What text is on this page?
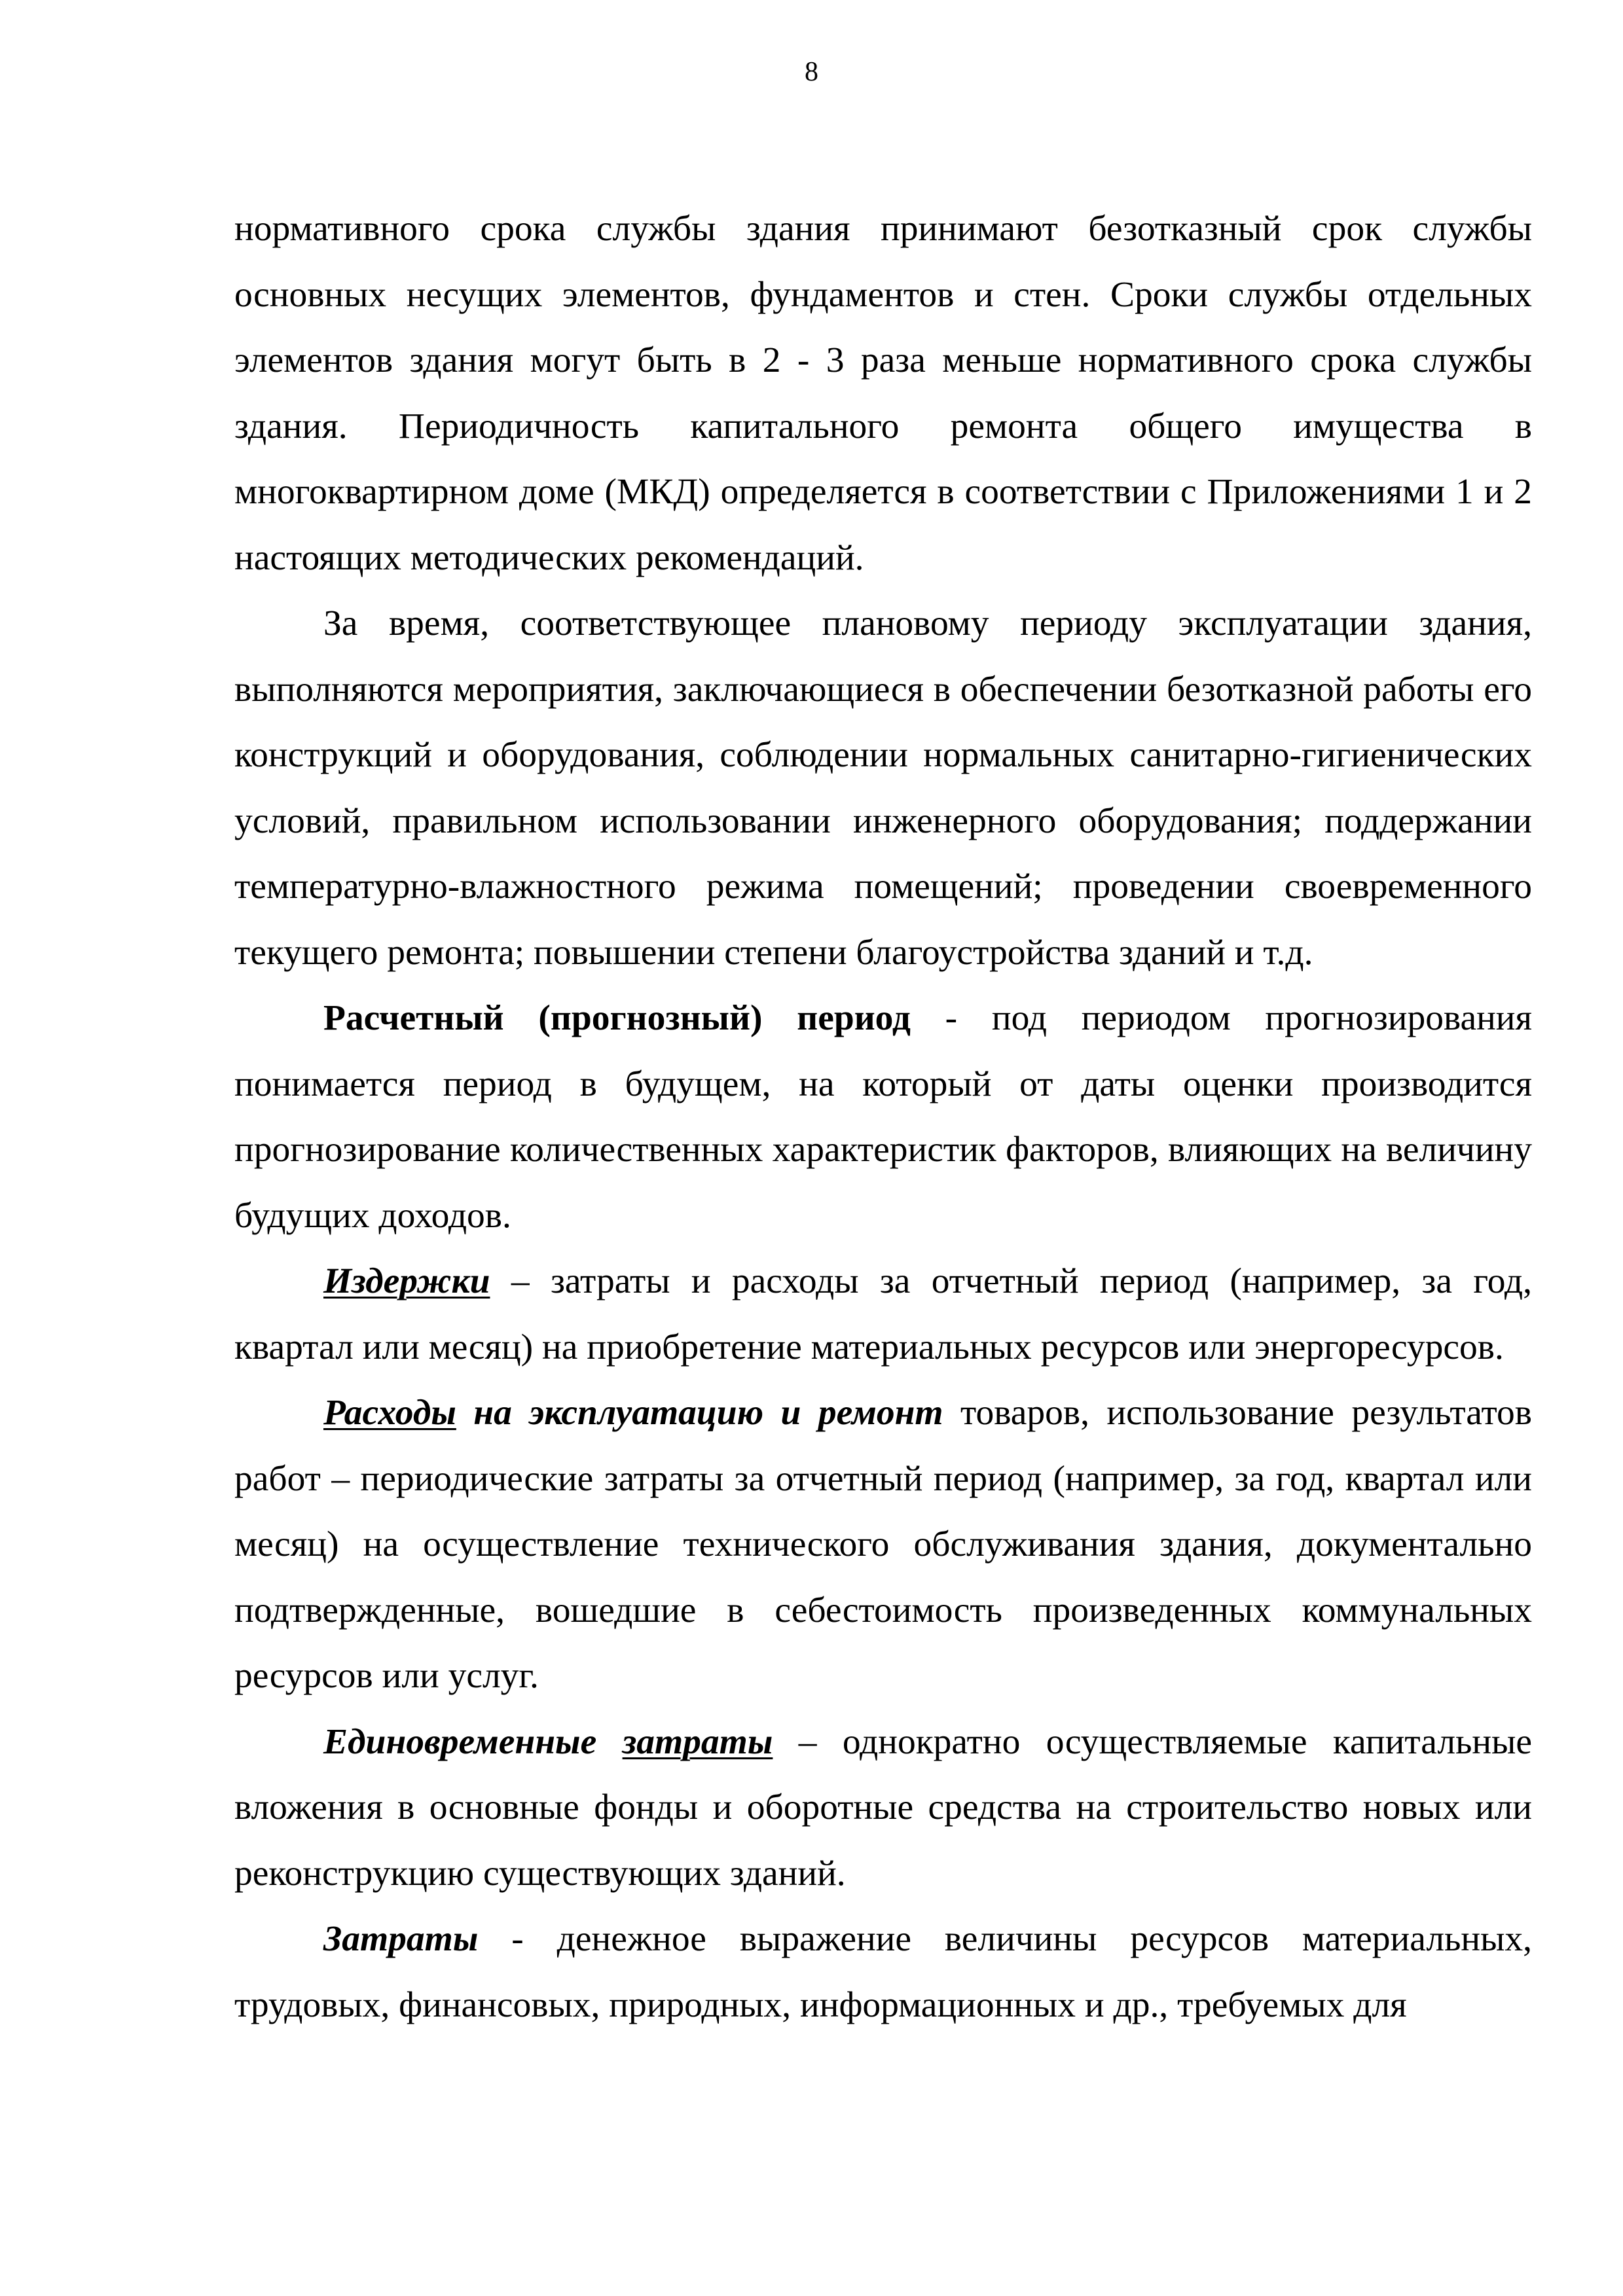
8

нормативного срока службы здания принимают безотказный срок службы основных несущих элементов, фундаментов и стен. Сроки службы отдельных элементов здания могут быть в 2 - 3 раза меньше нормативного срока службы здания. Периодичность капитального ремонта общего имущества в многоквартирном доме (МКД) определяется в соответствии с Приложениями 1 и 2 настоящих методических рекомендаций.

За время, соответствующее плановому периоду эксплуатации здания, выполняются мероприятия, заключающиеся в обеспечении безотказной работы его конструкций и оборудования, соблюдении нормальных санитарно-гигиенических условий, правильном использовании инженерного оборудования; поддержании температурно-влажностного режима помещений; проведении своевременного текущего ремонта; повышении степени благоустройства зданий и т.д.

Расчетный (прогнозный) период - под периодом прогнозирования понимается период в будущем, на который от даты оценки производится прогнозирование количественных характеристик факторов, влияющих на величину будущих доходов.

Издержки – затраты и расходы за отчетный период (например, за год, квартал или месяц) на приобретение материальных ресурсов или энергоресурсов.

Расходы на эксплуатацию и ремонт товаров, использование результатов работ – периодические затраты за отчетный период (например, за год, квартал или месяц) на осуществление технического обслуживания здания, документально подтвержденные, вошедшие в себестоимость произведенных коммунальных ресурсов или услуг.

Единовременные затраты – однократно осуществляемые капитальные вложения в основные фонды и оборотные средства на строительство новых или реконструкцию существующих зданий.

Затраты - денежное выражение величины ресурсов материальных, трудовых, финансовых, природных, информационных и др., требуемых для
